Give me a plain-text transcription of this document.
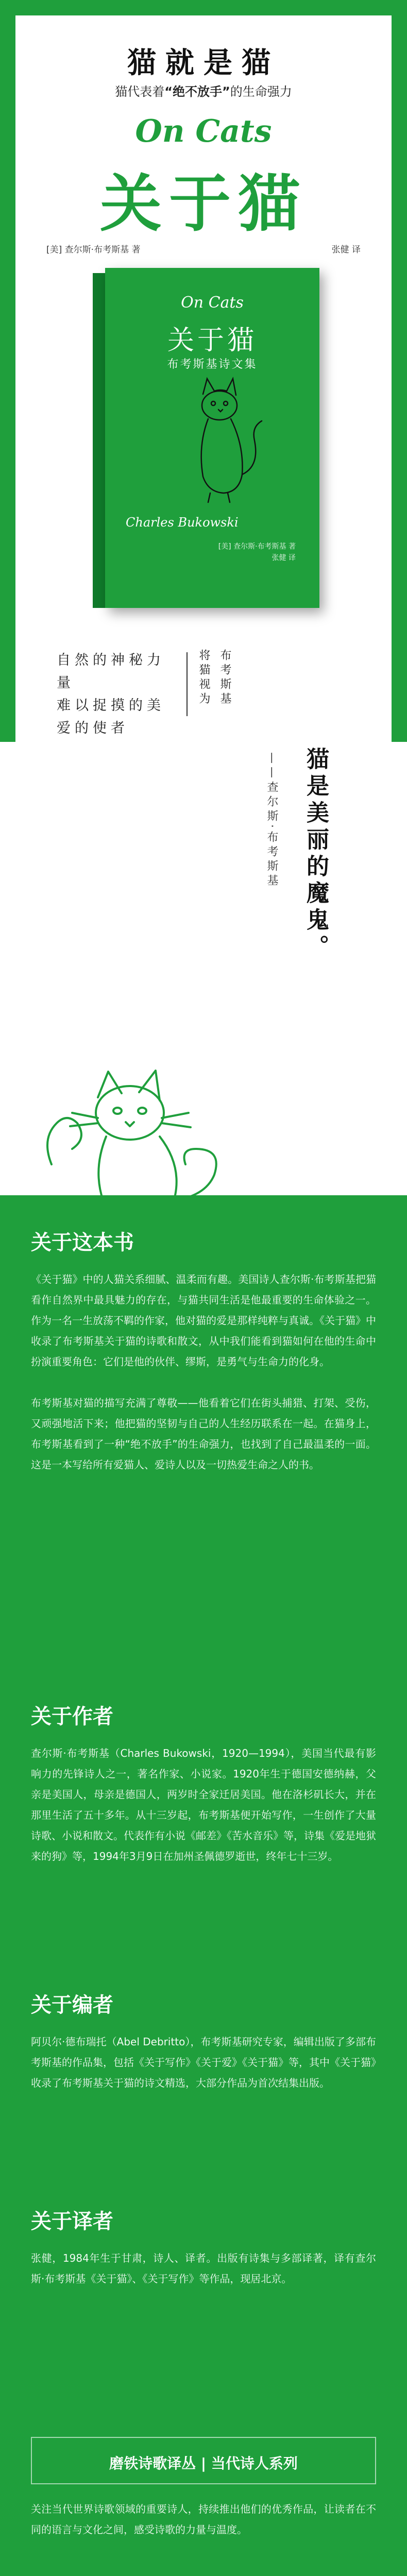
猫就是猫
猫代表着“绝不放手”的生命强力
On Cats
关于猫
[美] 查尔斯·布考斯基 著	张健 译
On Cats
关于猫
布考斯基诗文集
Charles Bukowski
[美] 查尔斯·布考斯基 著
张健 译
自然的神秘力量
难以捉摸的美
爱的使者
布考斯基
将猫视为
猫是美丽的魔鬼。
——查尔斯·布考斯基
关于这本书

《关于猫》中的人猫关系细腻、温柔而有趣。美国诗人查尔斯·布考斯基把猫看作自然界中最具魅力的存在，与猫共同生活是他最重要的生命体验之一。作为一名一生放荡不羁的作家，他对猫的爱是那样纯粹与真诚。《关于猫》中收录了布考斯基关于猫的诗歌和散文，从中我们能看到猫如何在他的生命中扮演重要角色：它们是他的伙伴、缪斯，是勇气与生命力的化身。

布考斯基对猫的描写充满了尊敬——他看着它们在街头捕猎、打架、受伤，又顽强地活下来；他把猫的坚韧与自己的人生经历联系在一起。在猫身上，布考斯基看到了一种“绝不放手”的生命强力，也找到了自己最温柔的一面。这是一本写给所有爱猫人、爱诗人以及一切热爱生命之人的书。

关于作者

查尔斯·布考斯基（Charles Bukowski，1920—1994），美国当代最有影响力的先锋诗人之一，著名作家、小说家。1920年生于德国安德纳赫，父亲是美国人，母亲是德国人，两岁时全家迁居美国。他在洛杉矶长大，并在那里生活了五十多年。从十三岁起，布考斯基便开始写作，一生创作了大量诗歌、小说和散文。代表作有小说《邮差》《苦水音乐》等，诗集《爱是地狱来的狗》等，1994年3月9日在加州圣佩德罗逝世，终年七十三岁。

关于编者

阿贝尔·德布瑞托（Abel Debritto），布考斯基研究专家，编辑出版了多部布考斯基的作品集，包括《关于写作》《关于爱》《关于猫》等，其中《关于猫》收录了布考斯基关于猫的诗文精选，大部分作品为首次结集出版。

关于译者

张健，1984年生于甘肃，诗人、译者。出版有诗集与多部译著，译有查尔斯·布考斯基《关于猫》、《关于写作》等作品，现居北京。

磨铁诗歌译丛 | 当代诗人系列
关注当代世界诗歌领域的重要诗人，持续推出他们的优秀作品，让读者在不同的语言与文化之间，感受诗歌的力量与温度。
